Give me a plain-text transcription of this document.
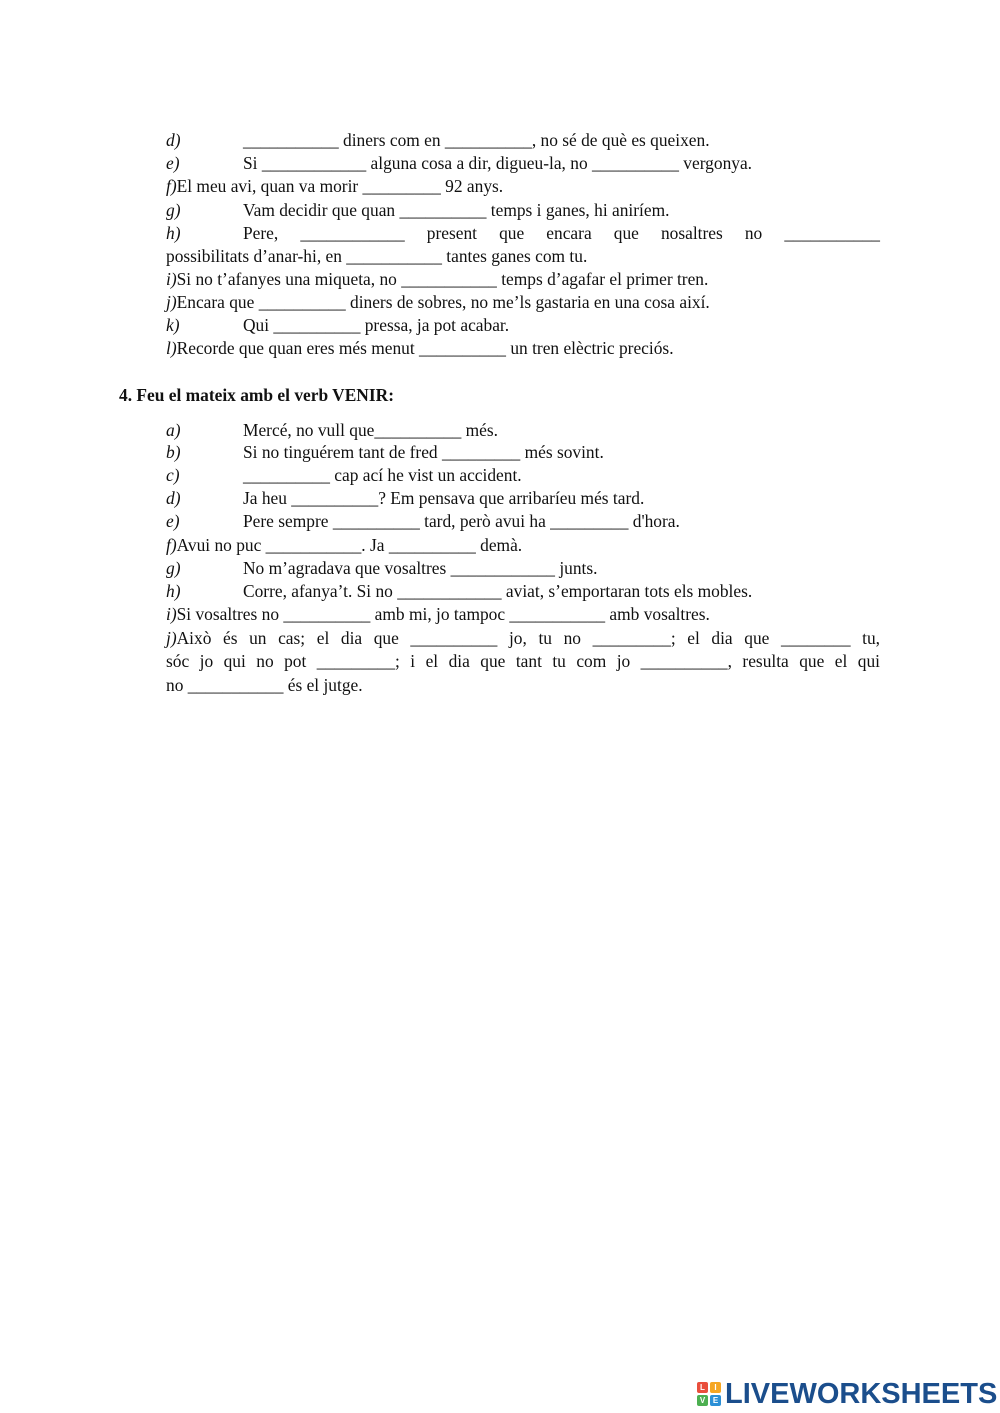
d)	___________ diners com en __________, no sé de què es queixen.
e)	Si ____________ alguna cosa a dir, digueu-la, no __________ vergonya.
f)El meu avi, quan va morir _________ 92 anys.
g)	Vam decidir que quan __________ temps i ganes, hi aniríem.
h)	Pere, ____________ present que encara que nosaltres no ___________
possibilitats d’anar-hi, en ___________ tantes ganes com tu.
i)Si no t’afanyes una miqueta, no ___________ temps d’agafar el primer tren.
j)Encara que __________ diners de sobres, no me’ls gastaria en una cosa així.
k)	Qui __________ pressa, ja pot acabar.
l)Recorde que quan eres més menut __________ un tren elèctric preciós.
4. Feu el mateix amb el verb VENIR:
a)	Mercé, no vull que__________ més.
b)	Si no tinguérem tant de fred _________ més sovint.
c)	__________ cap ací he vist un accident.
d)	Ja heu __________? Em pensava que arribaríeu més tard.
e)	Pere sempre __________ tard, però avui ha _________ d'hora.
f)Avui no puc ___________. Ja __________ demà.
g)	No m’agradava que vosaltres ____________ junts.
h)	Corre, afanya’t. Si no ____________ aviat, s’emportaran tots els mobles.
i)Si vosaltres no __________ amb mi, jo tampoc ___________ amb vosaltres.
j)Això és un cas; el dia que __________ jo, tu no _________; el dia que ________ tu,
sóc jo qui no pot _________; i el dia que tant tu com jo __________, resulta que el qui
no ___________ és el jutge.
L	I
V E LIVEWORKSHEETS
